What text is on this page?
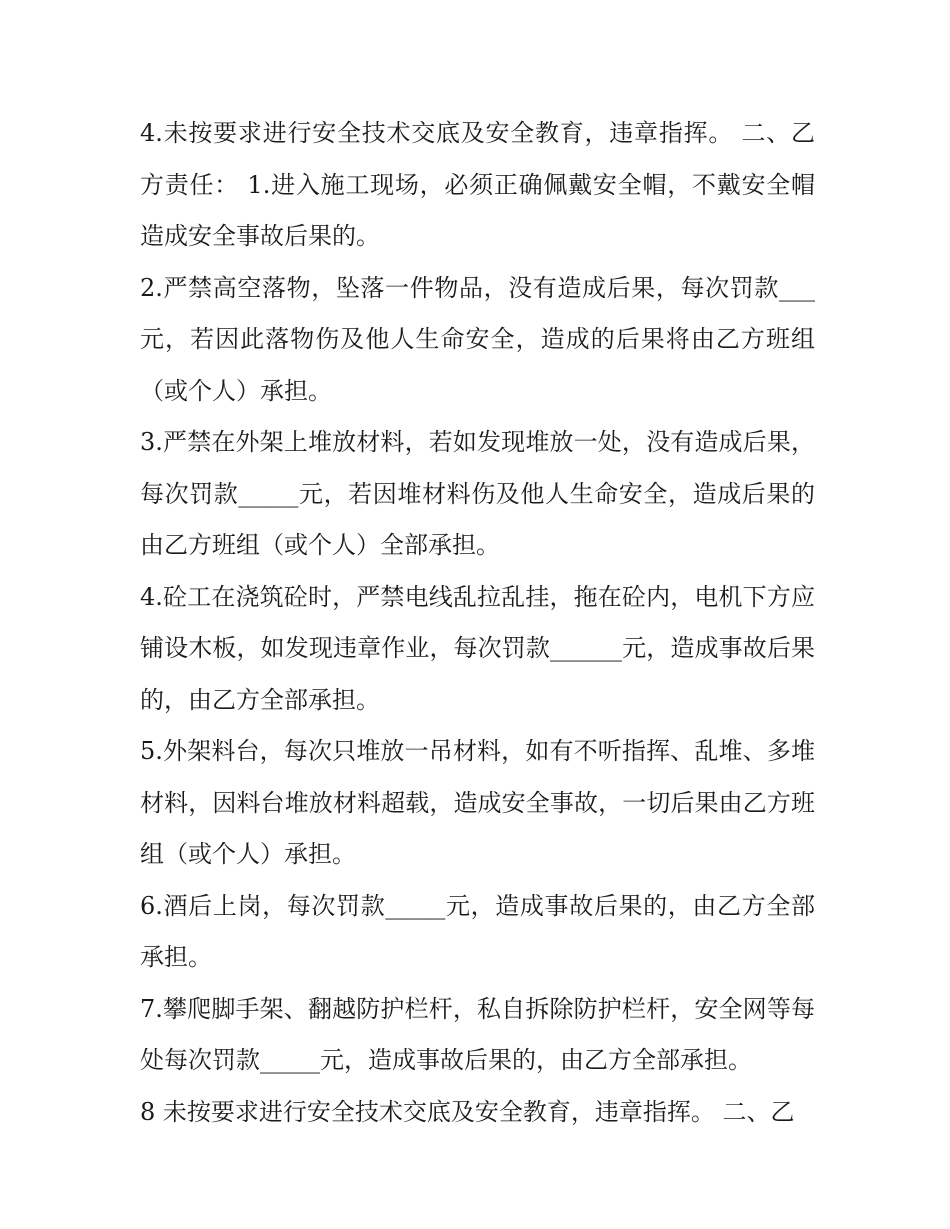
4.未按要求进行安全技术交底及安全教育，违章指挥。 二、乙方责任： 1.进入施工现场，必须正确佩戴安全帽，不戴安全帽造成安全事故后果的。

2.严禁高空落物，坠落一件物品，没有造成后果，每次罚款___元，若因此落物伤及他人生命安全，造成的后果将由乙方班组（或个人）承担。

3.严禁在外架上堆放材料，若如发现堆放一处，没有造成后果，每次罚款_____元，若因堆材料伤及他人生命安全，造成后果的由乙方班组（或个人）全部承担。

4.砼工在浇筑砼时，严禁电线乱拉乱挂，拖在砼内，电机下方应铺设木板，如发现违章作业，每次罚款______元，造成事故后果的，由乙方全部承担。

5.外架料台，每次只堆放一吊材料，如有不听指挥、乱堆、多堆材料，因料台堆放材料超载，造成安全事故，一切后果由乙方班组（或个人）承担。

6.酒后上岗，每次罚款_____元，造成事故后果的，由乙方全部承担。

7.攀爬脚手架、翻越防护栏杆，私自拆除防护栏杆，安全网等每处每次罚款_____元，造成事故后果的，由乙方全部承担。

8 未按要求进行安全技术交底及安全教育，违章指挥。 二、乙
